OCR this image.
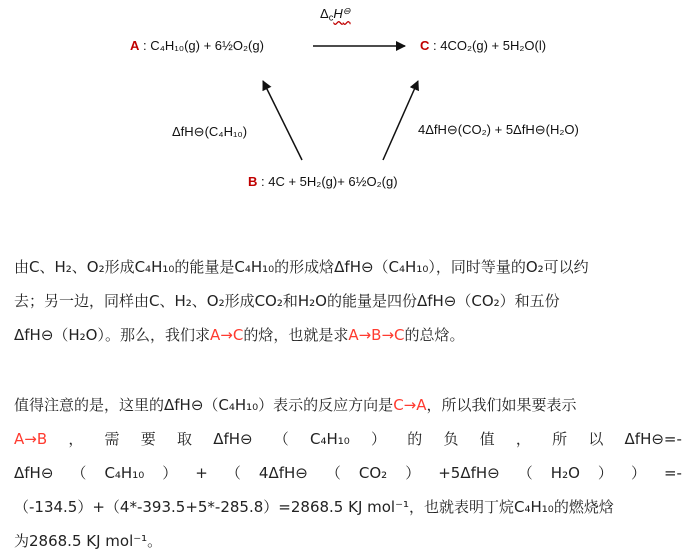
$\Delta_cH^⊖$
A : C₄H₁₀(g) + 6½O₂(g)	C : 4CO₂(g) + 5H₂O(l)
ΔfH⊖(C₄H₁₀)	4ΔfH⊖(CO₂) + 5ΔfH⊖(H₂O)
B : 4C + 5H₂(g)+ 6½O₂(g)
由C、H₂、O₂形成C₄H₁₀的能量是C₄H₁₀的形成焓ΔfH⊖（C₄H₁₀），同时等量的O₂可以约
去；另一边，同样由C、H₂、O₂形成CO₂和H₂O的能量是四份ΔfH⊖（CO₂）和五份
ΔfH⊖（H₂O）。那么，我们求A→C的焓，也就是求A→B→C的总焓。
值得注意的是，这里的ΔfH⊖（C₄H₁₀）表示的反应方向是C→A，所以我们如果要表示
A→B ， 需 要 取 ΔfH⊖ （ C₄H₁₀ ） 的 负 值 ， 所 以 ΔfH⊖=-
ΔfH⊖ （ C₄H₁₀ ） + （ 4ΔfH⊖ （ CO₂ ） +5ΔfH⊖ （ H₂O ） ） =-
（-134.5）+（4*-393.5+5*-285.8）=2868.5 KJ mol⁻¹，也就表明丁烷C₄H₁₀的燃烧焓
为2868.5 KJ mol⁻¹。
